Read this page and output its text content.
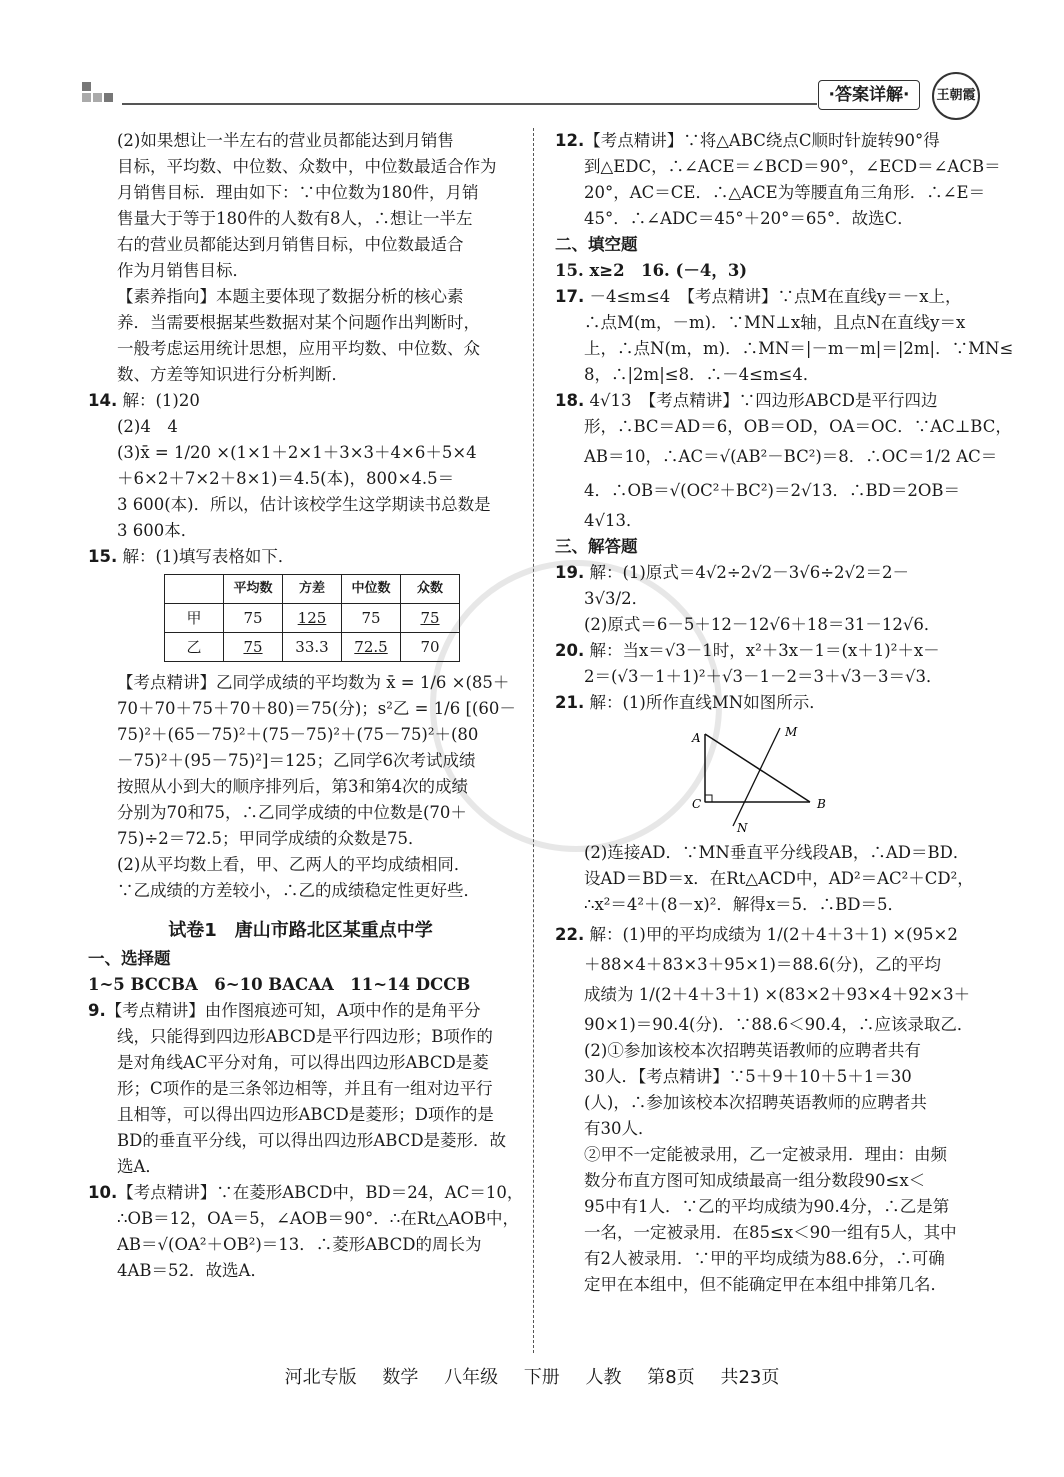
·答案详解·	王朝霞

(2)如果想让一半左右的营业员都能达到月销售

目标，平均数、中位数、众数中，中位数最适合作为

月销售目标．理由如下：∵中位数为180件，月销

售量大于等于180件的人数有8人，∴想让一半左

右的营业员都能达到月销售目标，中位数最适合

作为月销售目标．

【素养指向】本题主要体现了数据分析的核心素

养．当需要根据某些数据对某个问题作出判断时，

一般考虑运用统计思想，应用平均数、中位数、众

数、方差等知识进行分析判断．

14. 解：(1)20

(2)4　4

(3)x̄ = 1/20 ×(1×1＋2×1＋3×3＋4×6＋5×4

＋6×2＋7×2＋8×1)＝4.5(本)，800×4.5＝

3 600(本)．所以，估计该校学生这学期读书总数是

3 600本．

15. 解：(1)填写表格如下．

	平均数	方差	中位数	众数
甲	75	125	75	75
乙	75	33.3	72.5	70

【考点精讲】乙同学成绩的平均数为 x̄ = 1/6 ×(85＋

70＋70＋75＋70＋80)＝75(分)；s²乙 = 1/6 [(60－

75)²＋(65－75)²＋(75－75)²＋(75－75)²＋(80

－75)²＋(95－75)²]＝125；乙同学6次考试成绩

按照从小到大的顺序排列后，第3和第4次的成绩

分别为70和75，∴乙同学成绩的中位数是(70＋

75)÷2＝72.5；甲同学成绩的众数是75．

(2)从平均数上看，甲、乙两人的平均成绩相同．

∵乙成绩的方差较小，∴乙的成绩稳定性更好些．

试卷1　唐山市路北区某重点中学

一、选择题

1~5 BCCBA　6~10 BACAA　11~14 DCCB

9.【考点精讲】由作图痕迹可知，A项中作的是角平分

线，只能得到四边形ABCD是平行四边形；B项作的

是对角线AC平分对角，可以得出四边形ABCD是菱

形；C项作的是三条邻边相等，并且有一组对边平行

且相等，可以得出四边形ABCD是菱形；D项作的是

BD的垂直平分线，可以得出四边形ABCD是菱形．故

选A．

10.【考点精讲】∵在菱形ABCD中，BD＝24，AC＝10，

∴OB＝12，OA＝5，∠AOB＝90°．∴在Rt△AOB中，

AB＝√(OA²＋OB²)＝13．∴菱形ABCD的周长为

4AB＝52．故选A．

12.【考点精讲】∵将△ABC绕点C顺时针旋转90°得

到△EDC，∴∠ACE＝∠BCD＝90°，∠ECD＝∠ACB＝

20°，AC＝CE．∴△ACE为等腰直角三角形．∴∠E＝

45°．∴∠ADC＝45°＋20°＝65°．故选C．

二、填空题

15. x≥2　16. (－4，3)

17. －4≤m≤4　【考点精讲】∵点M在直线y＝－x上，

∴点M(m，－m)．∵MN⊥x轴，且点N在直线y＝x

上，∴点N(m，m)．∴MN＝|－m－m|＝|2m|．∵MN≤

8，∴|2m|≤8．∴－4≤m≤4．

18. 4√13　【考点精讲】∵四边形ABCD是平行四边

形，∴BC＝AD＝6，OB＝OD，OA＝OC．∵AC⊥BC，

AB＝10，∴AC＝√(AB²－BC²)＝8．∴OC＝1/2 AC＝

4．∴OB＝√(OC²＋BC²)＝2√13．∴BD＝2OB＝

4√13．

三、解答题

19. 解：(1)原式＝4√2÷2√2－3√6÷2√2＝2－

3√3/2．

(2)原式＝6－5＋12－12√6＋18＝31－12√6．

20. 解：当x＝√3－1时，x²＋3x－1＝(x＋1)²＋x－

2＝(√3－1＋1)²＋√3－1－2＝3＋√3－3＝√3．

21. 解：(1)所作直线MN如图所示．

A
C	B
M
N

(2)连接AD．∵MN垂直平分线段AB，∴AD＝BD．

设AD＝BD＝x．在Rt△ACD中，AD²＝AC²＋CD²，

∴x²＝4²＋(8－x)²．解得x＝5．∴BD＝5．

22. 解：(1)甲的平均成绩为 1/(2＋4＋3＋1) ×(95×2

＋88×4＋83×3＋95×1)＝88.6(分)，乙的平均

成绩为 1/(2＋4＋3＋1) ×(83×2＋93×4＋92×3＋

90×1)＝90.4(分)．∵88.6＜90.4，∴应该录取乙．

(2)①参加该校本次招聘英语教师的应聘者共有

30人．【考点精讲】∵5＋9＋10＋5＋1＝30

(人)，∴参加该校本次招聘英语教师的应聘者共

有30人．

②甲不一定能被录用，乙一定被录用．理由：由频

数分布直方图可知成绩最高一组分数段90≤x＜

95中有1人．∵乙的平均成绩为90.4分，∴乙是第

一名，一定被录用．在85≤x＜90一组有5人，其中

有2人被录用．∵甲的平均成绩为88.6分，∴可确

定甲在本组中，但不能确定甲在本组中排第几名．

河北专版 数学 八年级 下册 人教 第8页 共23页
